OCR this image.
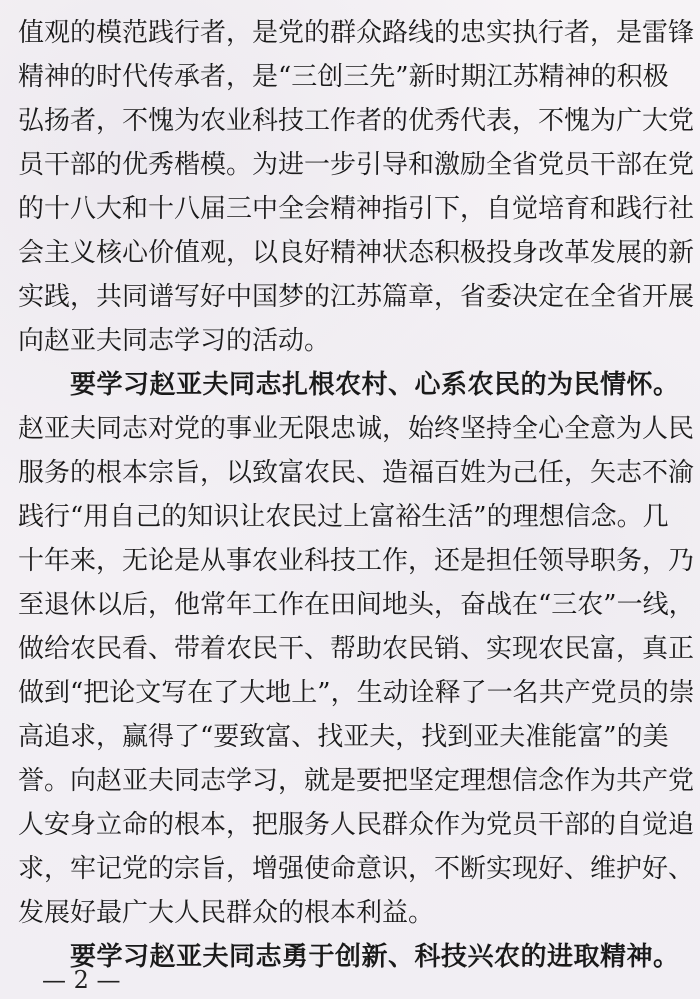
值观的模范践行者，是党的群众路线的忠实执行者，是雷锋
精神的时代传承者，是“三创三先”新时期江苏精神的积极
弘扬者，不愧为农业科技工作者的优秀代表，不愧为广大党
员干部的优秀楷模。为进一步引导和激励全省党员干部在党
的十八大和十八届三中全会精神指引下，自觉培育和践行社
会主义核心价值观，以良好精神状态积极投身改革发展的新
实践，共同谱写好中国梦的江苏篇章，省委决定在全省开展
向赵亚夫同志学习的活动。
要学习赵亚夫同志扎根农村、心系农民的为民情怀。
赵亚夫同志对党的事业无限忠诚，始终坚持全心全意为人民
服务的根本宗旨，以致富农民、造福百姓为己任，矢志不渝
践行“用自己的知识让农民过上富裕生活”的理想信念。几
十年来，无论是从事农业科技工作，还是担任领导职务，乃
至退休以后，他常年工作在田间地头，奋战在“三农”一线，
做给农民看、带着农民干、帮助农民销、实现农民富，真正
做到“把论文写在了大地上”，生动诠释了一名共产党员的崇
高追求，赢得了“要致富、找亚夫，找到亚夫准能富”的美
誉。向赵亚夫同志学习，就是要把坚定理想信念作为共产党
人安身立命的根本，把服务人民群众作为党员干部的自觉追
求，牢记党的宗旨，增强使命意识，不断实现好、维护好、
发展好最广大人民群众的根本利益。
要学习赵亚夫同志勇于创新、科技兴农的进取精神。
— 2 —
